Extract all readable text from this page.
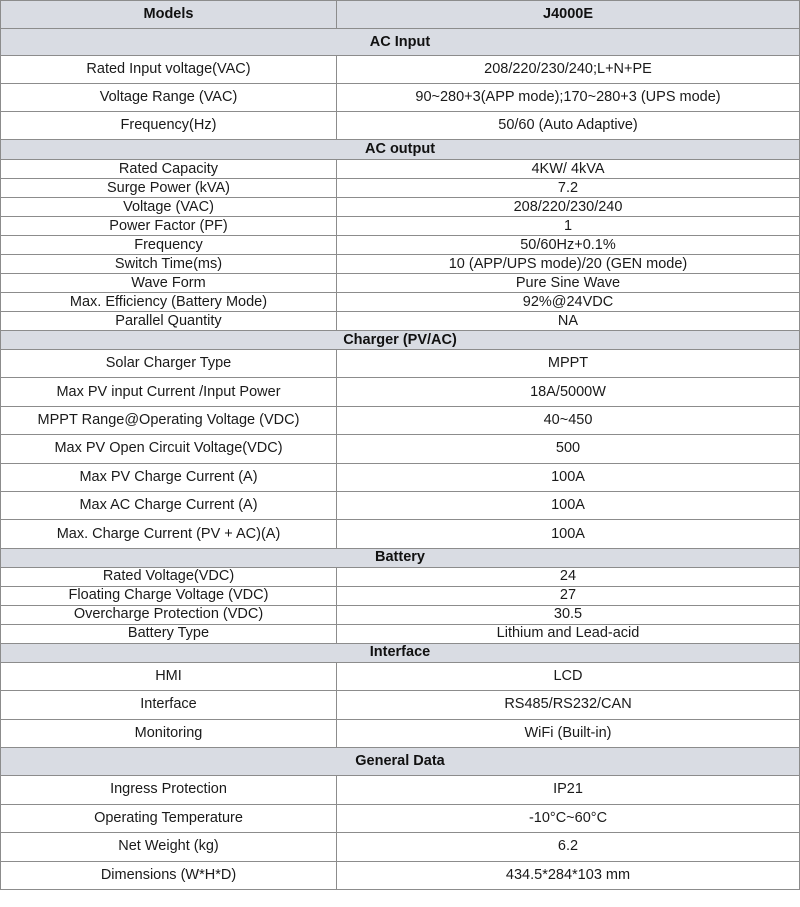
Models	J4000E
AC Input	
Rated Input voltage(VAC)	208/220/230/240;L+N+PE
Voltage Range (VAC)	90~280+3(APP mode);170~280+3 (UPS mode)
Frequency(Hz)	50/60 (Auto Adaptive)
AC output	
Rated Capacity	4KW/ 4kVA
Surge Power (kVA)	7.2
Voltage (VAC)	208/220/230/240
Power Factor (PF)	1
Frequency	50/60Hz+0.1%
Switch Time(ms)	10 (APP/UPS mode)/20 (GEN mode)
Wave Form	Pure Sine Wave
Max. Efficiency (Battery Mode)	92%@24VDC
Parallel Quantity	NA
Charger (PV/AC)	
Solar Charger Type	MPPT
Max PV input Current /Input Power	18A/5000W
MPPT Range@Operating Voltage (VDC)	40~450
Max PV Open Circuit Voltage(VDC)	500
Max PV Charge Current (A)	100A
Max AC Charge Current (A)	100A
Max. Charge Current (PV + AC)(A)	100A
Battery	
Rated Voltage(VDC)	24
Floating Charge Voltage (VDC)	27
Overcharge Protection (VDC)	30.5
Battery Type	Lithium and Lead-acid
Interface	
HMI	LCD
Interface	RS485/RS232/CAN
Monitoring	WiFi (Built-in)
General Data	
Ingress Protection	IP21
Operating Temperature	-10°C~60°C
Net Weight (kg)	6.2
Dimensions (W*H*D)	434.5*284*103 mm
